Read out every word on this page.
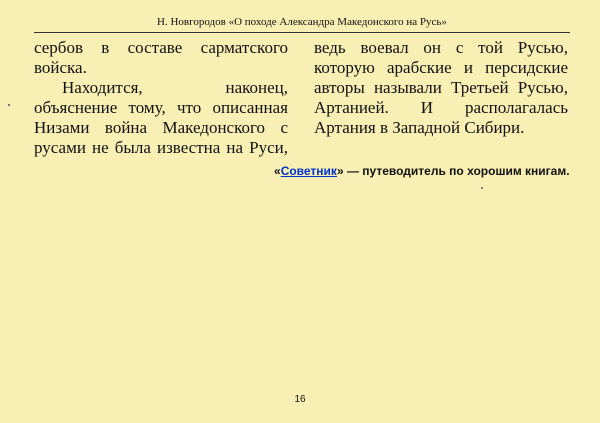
Н. Новгородов «О походе Александра Македонского на Русь»
сербов в составе сарматского
войска.
Находится, наконец,
объяснение тому, что описанная
Низами война Македонского с
русами не была известна на Руси,
ведь воевал он с той Русью,
которую арабские и персидские
авторы называли Третьей Русью,
Артанией. И располагалась
Артания в Западной Сибири.
«Советник» — путеводитель по хорошим книгам.
16
